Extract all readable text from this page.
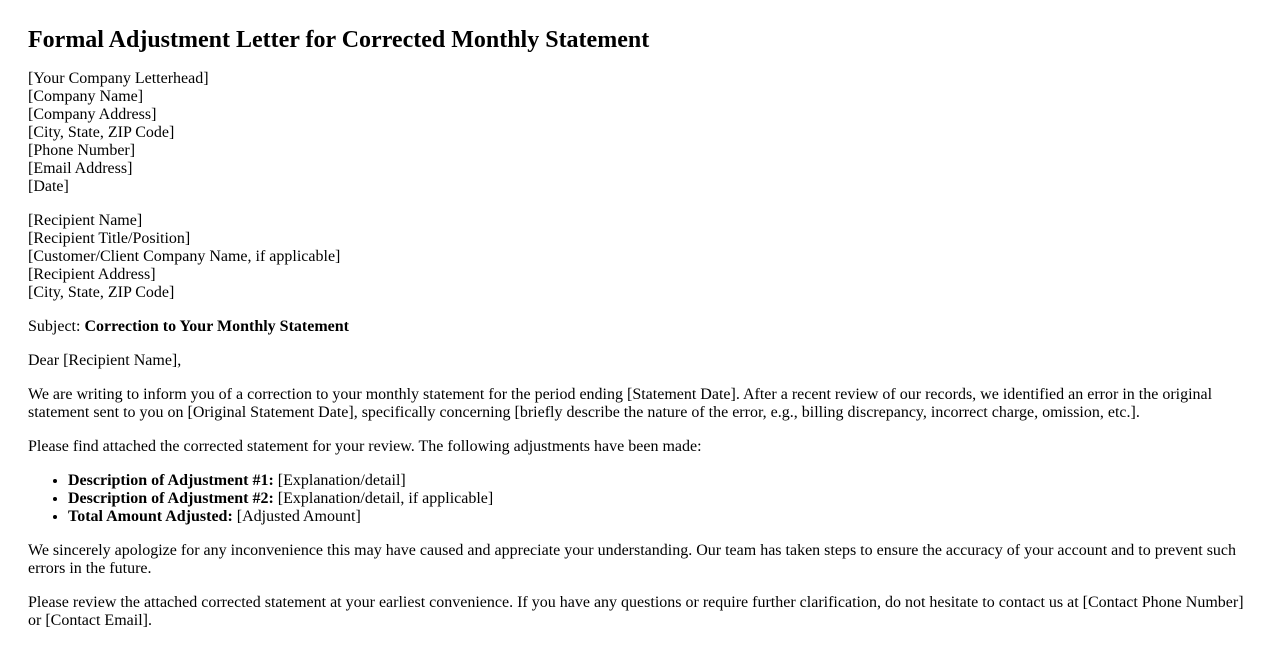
Formal Adjustment Letter for Corrected Monthly Statement
[Your Company Letterhead]
[Company Name]
[Company Address]
[City, State, ZIP Code]
[Phone Number]
[Email Address]
[Date]
[Recipient Name]
[Recipient Title/Position]
[Customer/Client Company Name, if applicable]
[Recipient Address]
[City, State, ZIP Code]

Subject: Correction to Your Monthly Statement

Dear [Recipient Name],

We are writing to inform you of a correction to your monthly statement for the period ending [Statement Date]. After a recent review of our records, we identified an error in the original statement sent to you on [Original Statement Date], specifically concerning [briefly describe the nature of the error, e.g., billing discrepancy, incorrect charge, omission, etc.].

Please find attached the corrected statement for your review. The following adjustments have been made:

• Description of Adjustment #1: [Explanation/detail]
• Description of Adjustment #2: [Explanation/detail, if applicable]
• Total Amount Adjusted: [Adjusted Amount]

We sincerely apologize for any inconvenience this may have caused and appreciate your understanding. Our team has taken steps to ensure the accuracy of your account and to prevent such errors in the future.

Please review the attached corrected statement at your earliest convenience. If you have any questions or require further clarification, do not hesitate to contact us at [Contact Phone Number] or [Contact Email].
